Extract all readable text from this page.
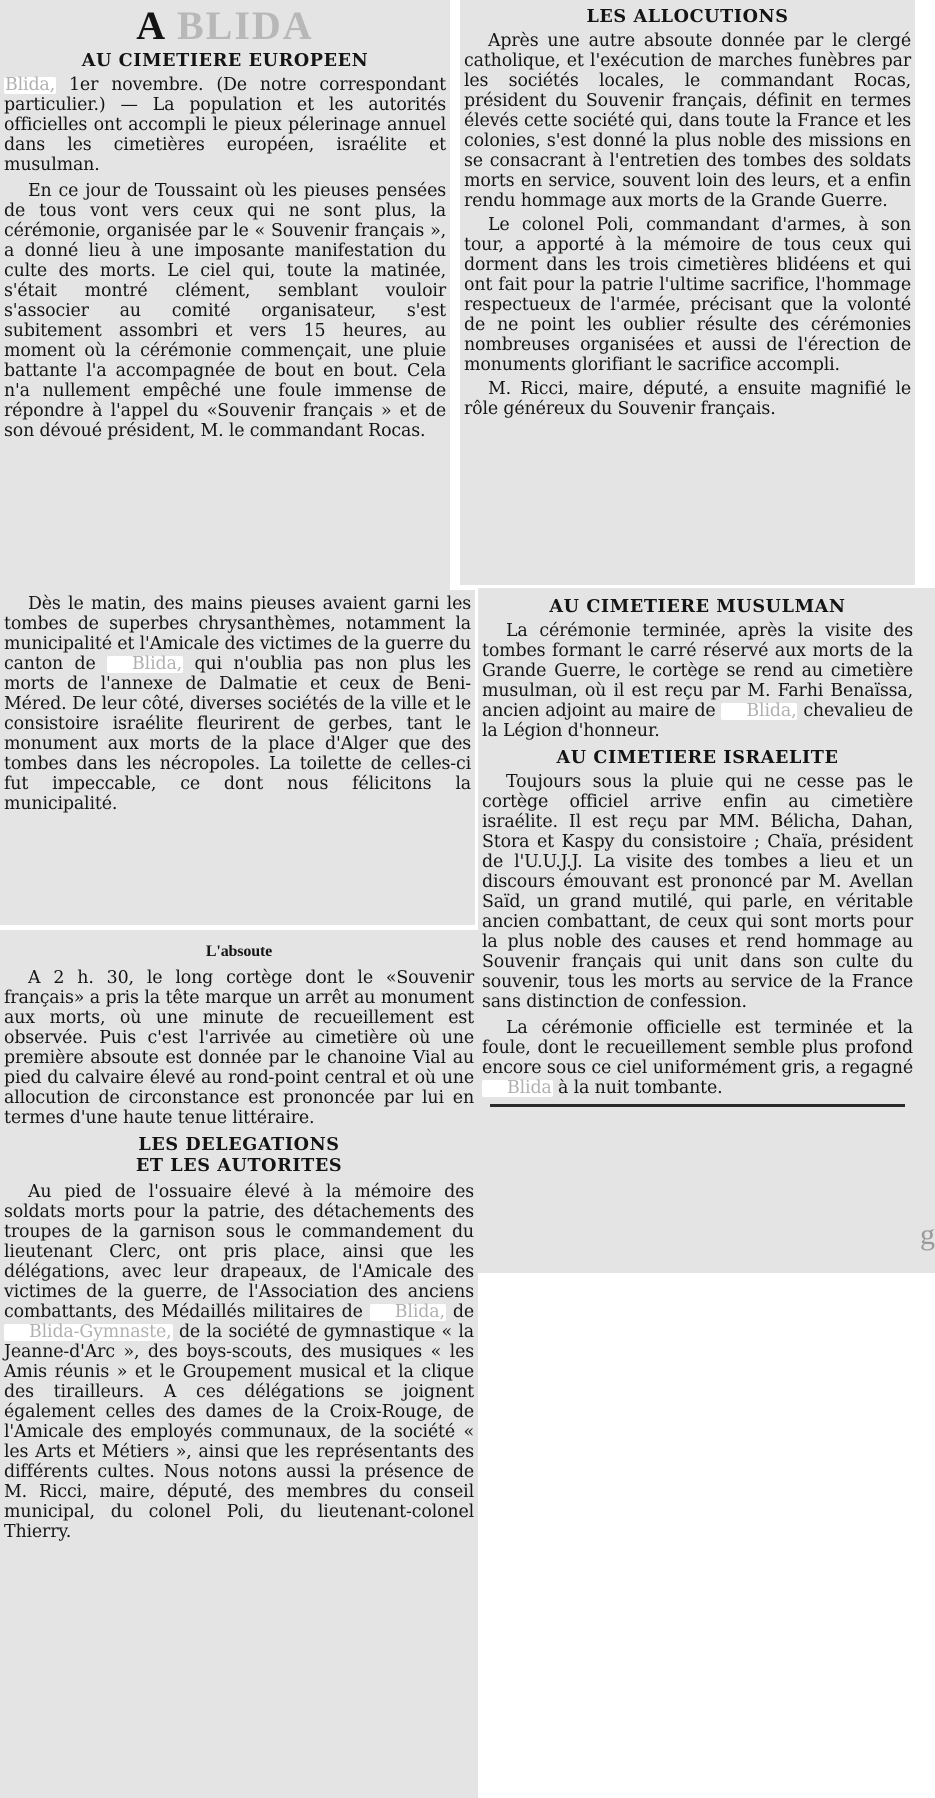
A BLIDA
AU CIMETIERE EUROPEEN

Blida, 1er novembre. (De notre correspondant particulier.) — La population et les autorités officielles ont accompli le pieux pélerinage annuel dans les cimetières européen, israélite et musulman.

En ce jour de Toussaint où les pieuses pensées de tous vont vers ceux qui ne sont plus, la cérémonie, organisée par le « Souvenir français », a donné lieu à une imposante manifestation du culte des morts. Le ciel qui, toute la matinée, s'était montré clément, semblant vouloir s'associer au comité organisateur, s'est subitement assombri et vers 15 heures, au moment où la cérémonie commençait, une pluie battante l'a accompagnée de bout en bout. Cela n'a nullement empêché une foule immense de répondre à l'appel du «Souvenir français » et de son dévoué président, M. le commandant Rocas.

Dès le matin, des mains pieuses avaient garni les tombes de superbes chrysanthèmes, notamment la municipalité et l'Amicale des victimes de la guerre du canton de Blida, qui n'oublia pas non plus les morts de l'annexe de Dalmatie et ceux de Beni-Méred. De leur côté, diverses sociétés de la ville et le consistoire israélite fleurirent de gerbes, tant le monument aux morts de la place d'Alger que des tombes dans les nécropoles. La toilette de celles-ci fut impeccable, ce dont nous félicitons la municipalité.

L'absoute

A 2 h. 30, le long cortège dont le «Souvenir français» a pris la tête marque un arrêt au monument aux morts, où une minute de recueillement est observée. Puis c'est l'arrivée au cimetière où une première absoute est donnée par le chanoine Vial au pied du calvaire élevé au rond-point central et où une allocution de circonstance est prononcée par lui en termes d'une haute tenue littéraire.

LES DELEGATIONS
ET LES AUTORITES

Au pied de l'ossuaire élevé à la mémoire des soldats morts pour la patrie, des détachements des troupes de la garnison sous le commandement du lieutenant Clerc, ont pris place, ainsi que les délégations, avec leur drapeaux, de l'Amicale des victimes de la guerre, de l'Association des anciens combattants, des Médaillés militaires de Blida, de Blida-Gymnaste, de la société de gymnastique « la Jeanne-d'Arc », des boys-scouts, des musiques « les Amis réunis » et le Groupement musical et la clique des tirailleurs. A ces délégations se joignent également celles des dames de la Croix-Rouge, de l'Amicale des employés communaux, de la société « les Arts et Métiers », ainsi que les représentants des différents cultes. Nous notons aussi la présence de M. Ricci, maire, député, des membres du conseil municipal, du colonel Poli, du lieutenant-colonel Thierry.

LES ALLOCUTIONS

Après une autre absoute donnée par le clergé catholique, et l'exécution de marches funèbres par les sociétés locales, le commandant Rocas, président du Souvenir français, définit en termes élevés cette société qui, dans toute la France et les colonies, s'est donné la plus noble des missions en se consacrant à l'entretien des tombes des soldats morts en service, souvent loin des leurs, et a enfin rendu hommage aux morts de la Grande Guerre.

Le colonel Poli, commandant d'armes, à son tour, a apporté à la mémoire de tous ceux qui dorment dans les trois cimetières blidéens et qui ont fait pour la patrie l'ultime sacrifice, l'hommage respectueux de l'armée, précisant que la volonté de ne point les oublier résulte des cérémonies nombreuses organisées et aussi de l'érection de monuments glorifiant le sacrifice accompli.

M. Ricci, maire, député, a ensuite magnifié le rôle généreux du Souvenir français.

AU CIMETIERE MUSULMAN

La cérémonie terminée, après la visite des tombes formant le carré réservé aux morts de la Grande Guerre, le cortège se rend au cimetière musulman, où il est reçu par M. Farhi Benaïssa, ancien adjoint au maire de Blida, chevalieu de la Légion d'honneur.

AU CIMETIERE ISRAELITE

Toujours sous la pluie qui ne cesse pas le cortège officiel arrive enfin au cimetière israélite. Il est reçu par MM. Bélicha, Dahan, Stora et Kaspy du consistoire ; Chaïa, président de l'U.U.J.J. La visite des tombes a lieu et un discours émouvant est prononcé par M. Avellan Saïd, un grand mutilé, qui parle, en véritable ancien combattant, de ceux qui sont morts pour la plus noble des causes et rend hommage au Souvenir français qui unit dans son culte du souvenir, tous les morts au service de la France sans distinction de confession.

La cérémonie officielle est terminée et la foule, dont le recueillement semble plus profond encore sous ce ciel uniformément gris, a regagné Blida à la nuit tombante.

g
